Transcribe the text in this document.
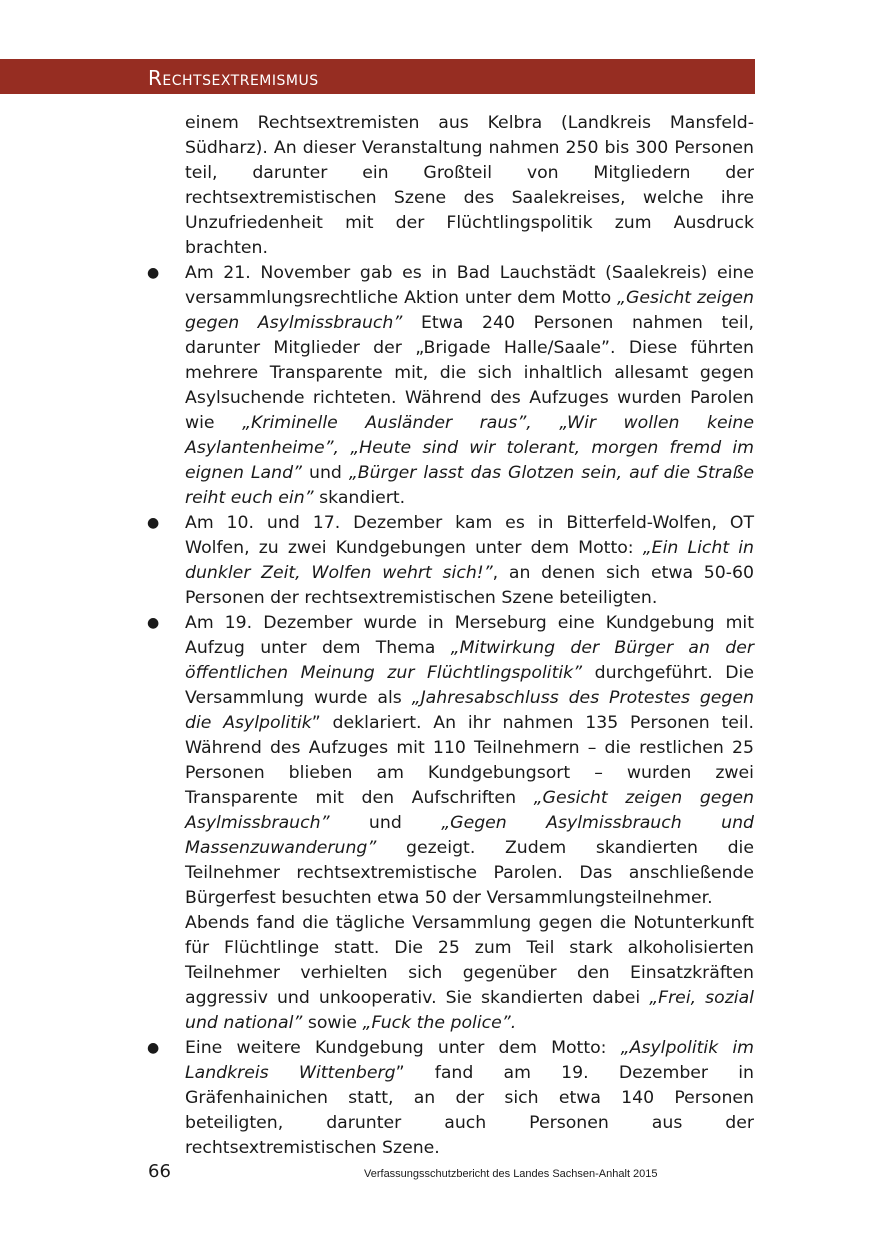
Rechtsextremismus

einem Rechtsextremisten aus Kelbra (Landkreis Mansfeld-Südharz). An dieser Veranstaltung nahmen 250 bis 300 Personen teil, darunter ein Großteil von Mitgliedern der rechtsextremistischen Szene des Saalekreises, welche ihre Unzufriedenheit mit der Flüchtlingspolitik zum Ausdruck brachten.

● Am 21. November gab es in Bad Lauchstädt (Saalekreis) eine versammlungsrechtliche Aktion unter dem Motto „Gesicht zeigen gegen Asylmissbrauch” Etwa 240 Personen nahmen teil, darunter Mitglieder der „Brigade Halle/Saale”. Diese führten mehrere Transparente mit, die sich inhaltlich allesamt gegen Asylsuchende richteten. Während des Aufzuges wurden Parolen wie „Kriminelle Ausländer raus”, „Wir wollen keine Asylantenheime”, „Heute sind wir tolerant, morgen fremd im eignen Land” und „Bürger lasst das Glotzen sein, auf die Straße reiht euch ein” skandiert.

● Am 10. und 17. Dezember kam es in Bitterfeld-Wolfen, OT Wolfen, zu zwei Kundgebungen unter dem Motto: „Ein Licht in dunkler Zeit, Wolfen wehrt sich!”, an denen sich etwa 50-60 Personen der rechtsextremistischen Szene beteiligten.

● Am 19. Dezember wurde in Merseburg eine Kundgebung mit Aufzug unter dem Thema „Mitwirkung der Bürger an der öffentlichen Meinung zur Flüchtlingspolitik” durchgeführt. Die Versammlung wurde als „Jahresabschluss des Protestes gegen die Asylpolitik” deklariert. An ihr nahmen 135 Personen teil. Während des Aufzuges mit 110 Teilnehmern – die restlichen 25 Personen blieben am Kundgebungsort – wurden zwei Transparente mit den Aufschriften „Gesicht zeigen gegen Asylmissbrauch” und „Gegen Asylmissbrauch und Massenzuwanderung” gezeigt. Zudem skandierten die Teilnehmer rechtsextremistische Parolen. Das anschließende Bürgerfest besuchten etwa 50 der Versammlungsteilnehmer.

Abends fand die tägliche Versammlung gegen die Notunterkunft für Flüchtlinge statt. Die 25 zum Teil stark alkoholisierten Teilnehmer verhielten sich gegenüber den Einsatzkräften aggressiv und unkooperativ. Sie skandierten dabei „Frei, sozial und national” sowie „Fuck the police”.

● Eine weitere Kundgebung unter dem Motto: „Asylpolitik im Landkreis Wittenberg” fand am 19. Dezember in Gräfenhainichen statt, an der sich etwa 140 Personen beteiligten, darunter auch Personen aus der rechtsextremistischen Szene.

66	Verfassungsschutzbericht des Landes Sachsen-Anhalt 2015
